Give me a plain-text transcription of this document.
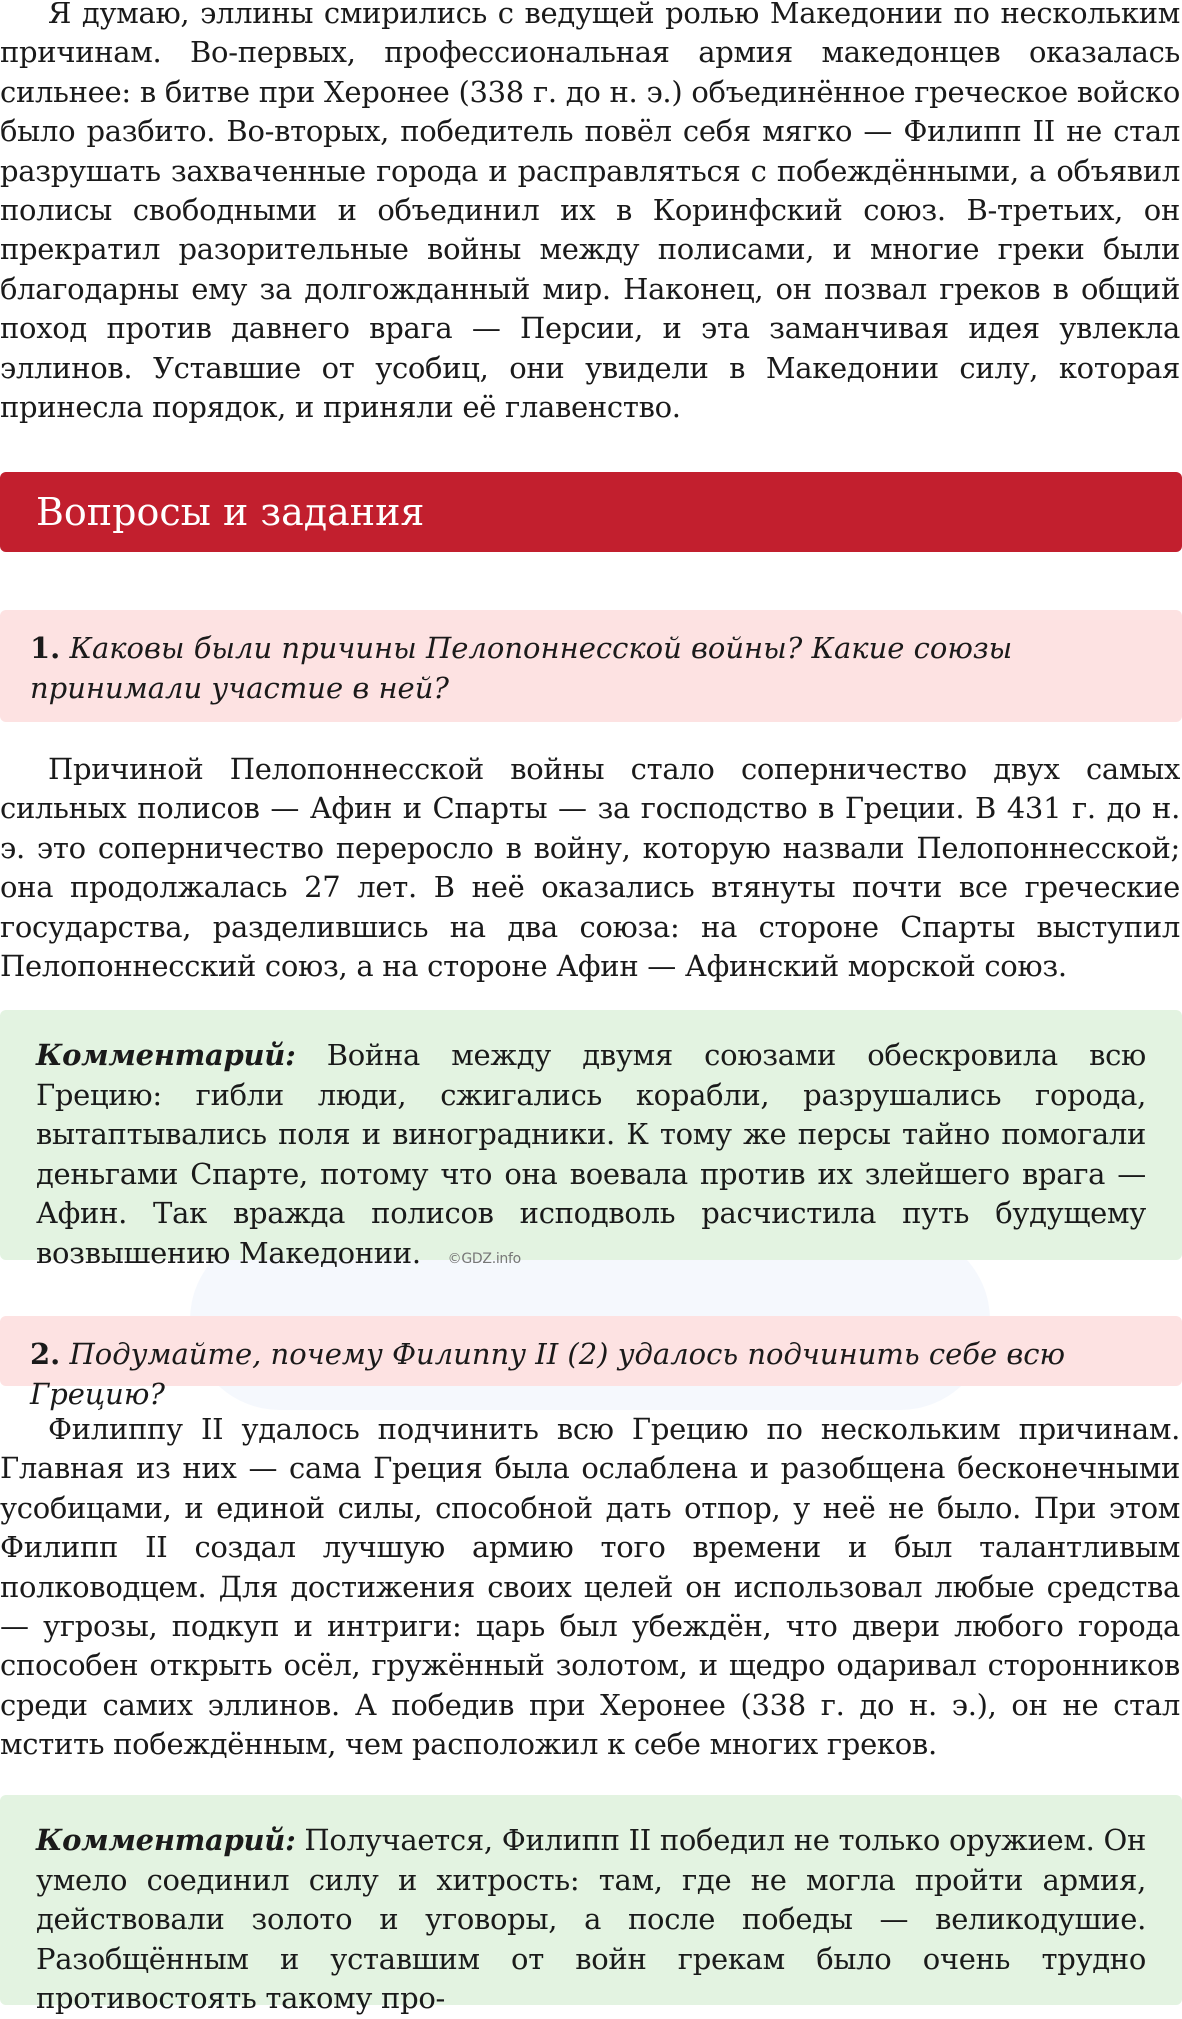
Я думаю, эллины смирились с ведущей ролью Македонии по нескольким причинам. Во-первых, профессиональная армия македонцев оказалась сильнее: в битве при Херонее (338 г. до н. э.) объединённое греческое войско было разбито. Во-вторых, победитель повёл себя мягко — Филипп II не стал разрушать захваченные города и расправляться с побеждёнными, а объявил полисы свободными и объединил их в Коринфский союз. В-третьих, он прекратил разорительные войны между полисами, и многие греки были благодарны ему за долгожданный мир. Наконец, он позвал греков в общий поход против давнего врага — Персии, и эта заманчивая идея увлекла эллинов. Уставшие от усобиц, они увидели в Македонии силу, которая принесла порядок, и приняли её главенство.

Вопросы и задания
1. Каковы были причины Пелопоннесской войны? Какие союзы принимали участие в ней?

Причиной Пелопоннесской войны стало соперничество двух самых сильных полисов — Афин и Спарты — за господство в Греции. В 431 г. до н. э. это соперничество переросло в войну, которую назвали Пелопоннесской; она продолжалась 27 лет. В неё оказались втянуты почти все греческие государства, разделившись на два союза: на стороне Спарты выступил Пелопоннесский союз, а на стороне Афин — Афинский морской союз.

Комментарий: Война между двумя союзами обескровила всю Грецию: гибли люди, сжигались корабли, разрушались города, вытаптывались поля и виноградники. К тому же персы тайно помогали деньгами Спарте, потому что она воевала против их злейшего врага — Афин. Так вражда полисов исподволь расчистила путь будущему возвышению Македонии. ©GDZ.info
2. Подумайте, почему Филиппу II (2) удалось подчинить себе всю Грецию?

Филиппу II удалось подчинить всю Грецию по нескольким причинам. Главная из них — сама Греция была ослаблена и разобщена бесконечными усобицами, и единой силы, способной дать отпор, у неё не было. При этом Филипп II создал лучшую армию того времени и был талантливым полководцем. Для достижения своих целей он использовал любые средства — угрозы, подкуп и интриги: царь был убеждён, что двери любого города способен открыть осёл, гружённый золотом, и щедро одаривал сторонников среди самих эллинов. А победив при Херонее (338 г. до н. э.), он не стал мстить побеждённым, чем расположил к себе многих греков.

Комментарий: Получается, Филипп II победил не только оружием. Он умело соединил силу и хитрость: там, где не могла пройти армия, действовали золото и уговоры, а после победы — великодушие. Разобщённым и уставшим от войн грекам было очень трудно противостоять такому про-
